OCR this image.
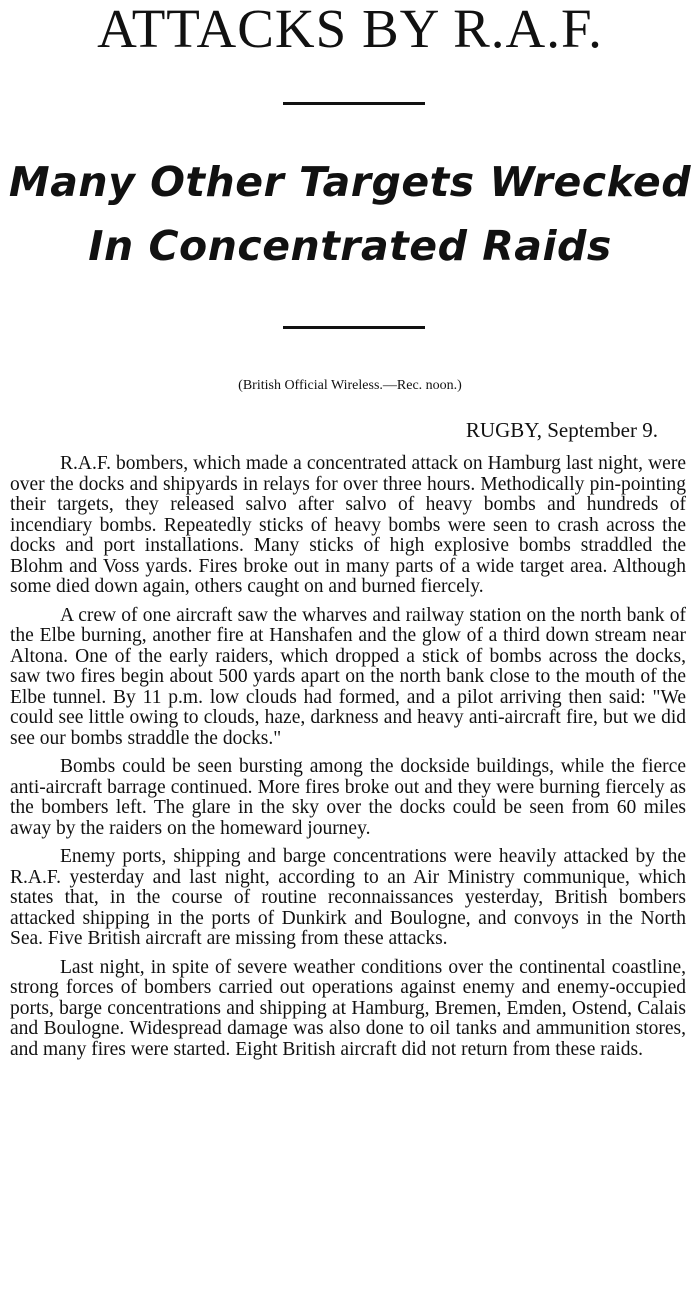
ATTACKS BY R.A.F.
Many Other Targets Wrecked
In Concentrated Raids

(British Official Wireless.—Rec. noon.)

RUGBY, September 9.

R.A.F. bombers, which made a concentrated attack on Hamburg last night, were over the docks and shipyards in relays for over three hours. Methodically pin-pointing their targets, they released salvo after salvo of heavy bombs and hundreds of incendiary bombs. Repeatedly sticks of heavy bombs were seen to crash across the docks and port installations. Many sticks of high explosive bombs straddled the Blohm and Voss yards. Fires broke out in many parts of a wide target area. Although some died down again, others caught on and burned fiercely.

A crew of one aircraft saw the wharves and railway station on the north bank of the Elbe burning, another fire at Hanshafen and the glow of a third down stream near Altona. One of the early raiders, which dropped a stick of bombs across the docks, saw two fires begin about 500 yards apart on the north bank close to the mouth of the Elbe tunnel. By 11 p.m. low clouds had formed, and a pilot arriving then said: "We could see little owing to clouds, haze, darkness and heavy anti-aircraft fire, but we did see our bombs straddle the docks."

Bombs could be seen bursting among the dockside buildings, while the fierce anti-aircraft barrage continued. More fires broke out and they were burning fiercely as the bombers left. The glare in the sky over the docks could be seen from 60 miles away by the raiders on the homeward journey.

Enemy ports, shipping and barge concentrations were heavily attacked by the R.A.F. yesterday and last night, according to an Air Ministry communique, which states that, in the course of routine reconnaissances yesterday, British bombers attacked shipping in the ports of Dunkirk and Boulogne, and convoys in the North Sea. Five British aircraft are missing from these attacks.

Last night, in spite of severe weather conditions over the continental coastline, strong forces of bombers carried out operations against enemy and enemy-occupied ports, barge concentrations and shipping at Hamburg, Bremen, Emden, Ostend, Calais and Boulogne. Widespread damage was also done to oil tanks and ammunition stores, and many fires were started. Eight British aircraft did not return from these raids.
